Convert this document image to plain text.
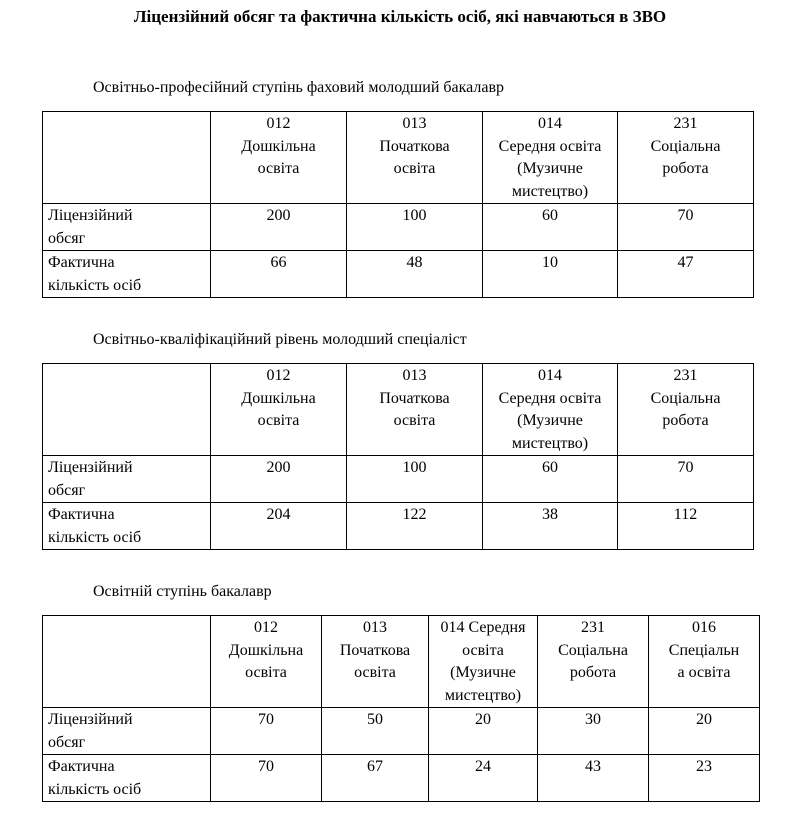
Ліцензійний обсяг та фактична кількість осіб, які навчаються в ЗВО
Освітньо-професійний ступінь фаховий молодший бакалавр

	012
Дошкільна
освіта	013
Початкова
освіта	014
Середня освіта
(Музичне
мистецтво)	231
Соціальна
робота

Ліцензійний
обсяг	200	100	60	70

Фактична
кількість осіб	66	48	10	47
Освітньо-кваліфікаційний рівень молодший спеціаліст

	012
Дошкільна
освіта	013
Початкова
освіта	014
Середня освіта
(Музичне
мистецтво)	231
Соціальна
робота

Ліцензійний
обсяг	200	100	60	70

Фактична
кількість осіб	204	122	38	112
Освітній ступінь бакалавр

	012
Дошкільна
освіта	013
Початкова
освіта	014 Середня
освіта
(Музичне
мистецтво)	231
Соціальна
робота	016
Спеціальн
а освіта

Ліцензійний
обсяг	70	50	20	30	20

Фактична
кількість осіб	70	67	24	43	23
